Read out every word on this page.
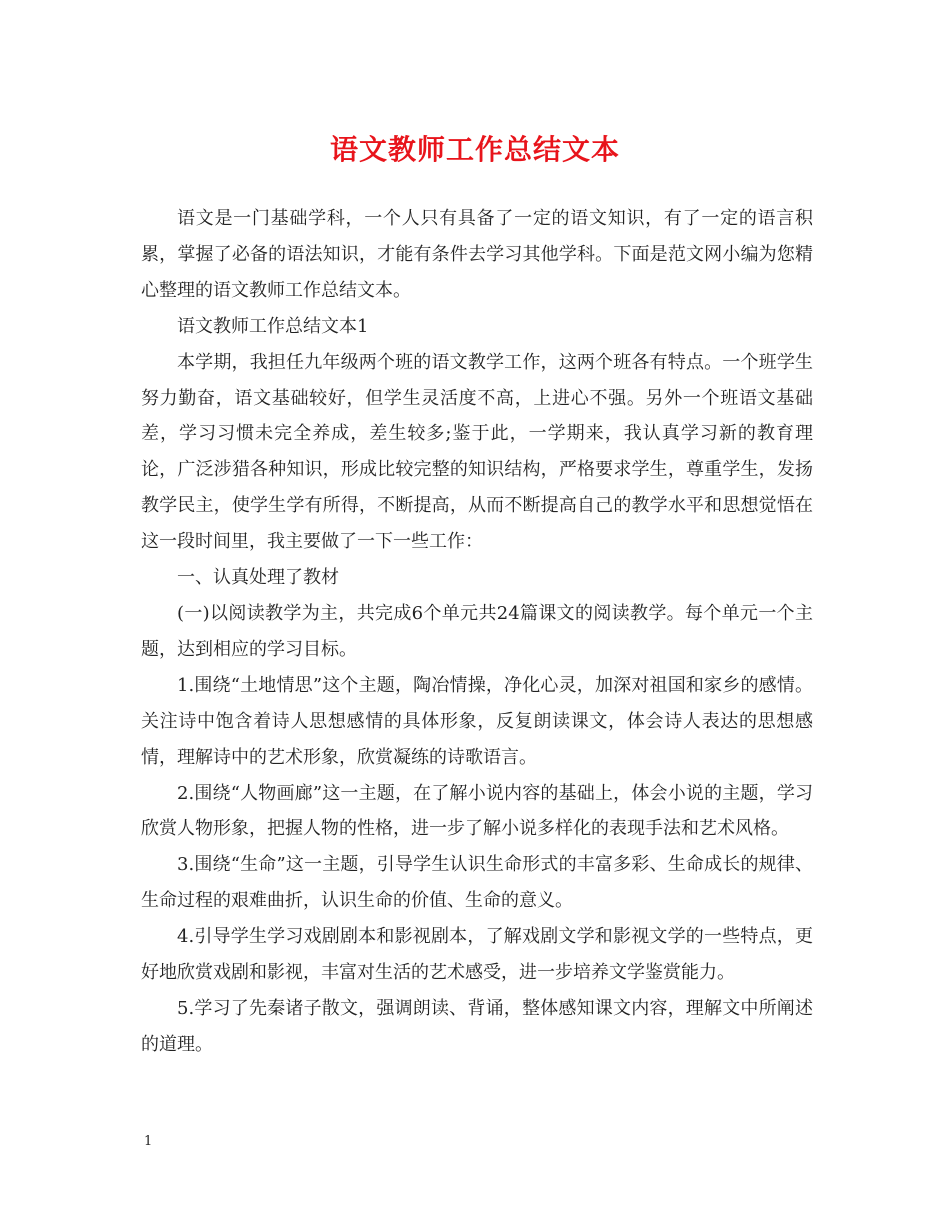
语文教师工作总结文本

语文是一门基础学科，一个人只有具备了一定的语文知识，有了一定的语言积累，掌握了必备的语法知识，才能有条件去学习其他学科。下面是范文网小编为您精心整理的语文教师工作总结文本。

语文教师工作总结文本1

本学期，我担任九年级两个班的语文教学工作，这两个班各有特点。一个班学生努力勤奋，语文基础较好，但学生灵活度不高，上进心不强。另外一个班语文基础差，学习习惯未完全养成，差生较多;鉴于此，一学期来，我认真学习新的教育理论，广泛涉猎各种知识，形成比较完整的知识结构，严格要求学生，尊重学生，发扬教学民主，使学生学有所得，不断提高，从而不断提高自己的教学水平和思想觉悟在这一段时间里，我主要做了一下一些工作：

一、认真处理了教材

(一)以阅读教学为主，共完成6个单元共24篇课文的阅读教学。每个单元一个主题，达到相应的学习目标。

1.围绕“土地情思”这个主题，陶冶情操，净化心灵，加深对祖国和家乡的感情。关注诗中饱含着诗人思想感情的具体形象，反复朗读课文，体会诗人表达的思想感情，理解诗中的艺术形象，欣赏凝练的诗歌语言。

2.围绕“人物画廊”这一主题，在了解小说内容的基础上，体会小说的主题，学习欣赏人物形象，把握人物的性格，进一步了解小说多样化的表现手法和艺术风格。

3.围绕“生命”这一主题，引导学生认识生命形式的丰富多彩、生命成长的规律、生命过程的艰难曲折，认识生命的价值、生命的意义。

4.引导学生学习戏剧剧本和影视剧本，了解戏剧文学和影视文学的一些特点，更好地欣赏戏剧和影视，丰富对生活的艺术感受，进一步培养文学鉴赏能力。

5.学习了先秦诸子散文，强调朗读、背诵，整体感知课文内容，理解文中所阐述的道理。

1
